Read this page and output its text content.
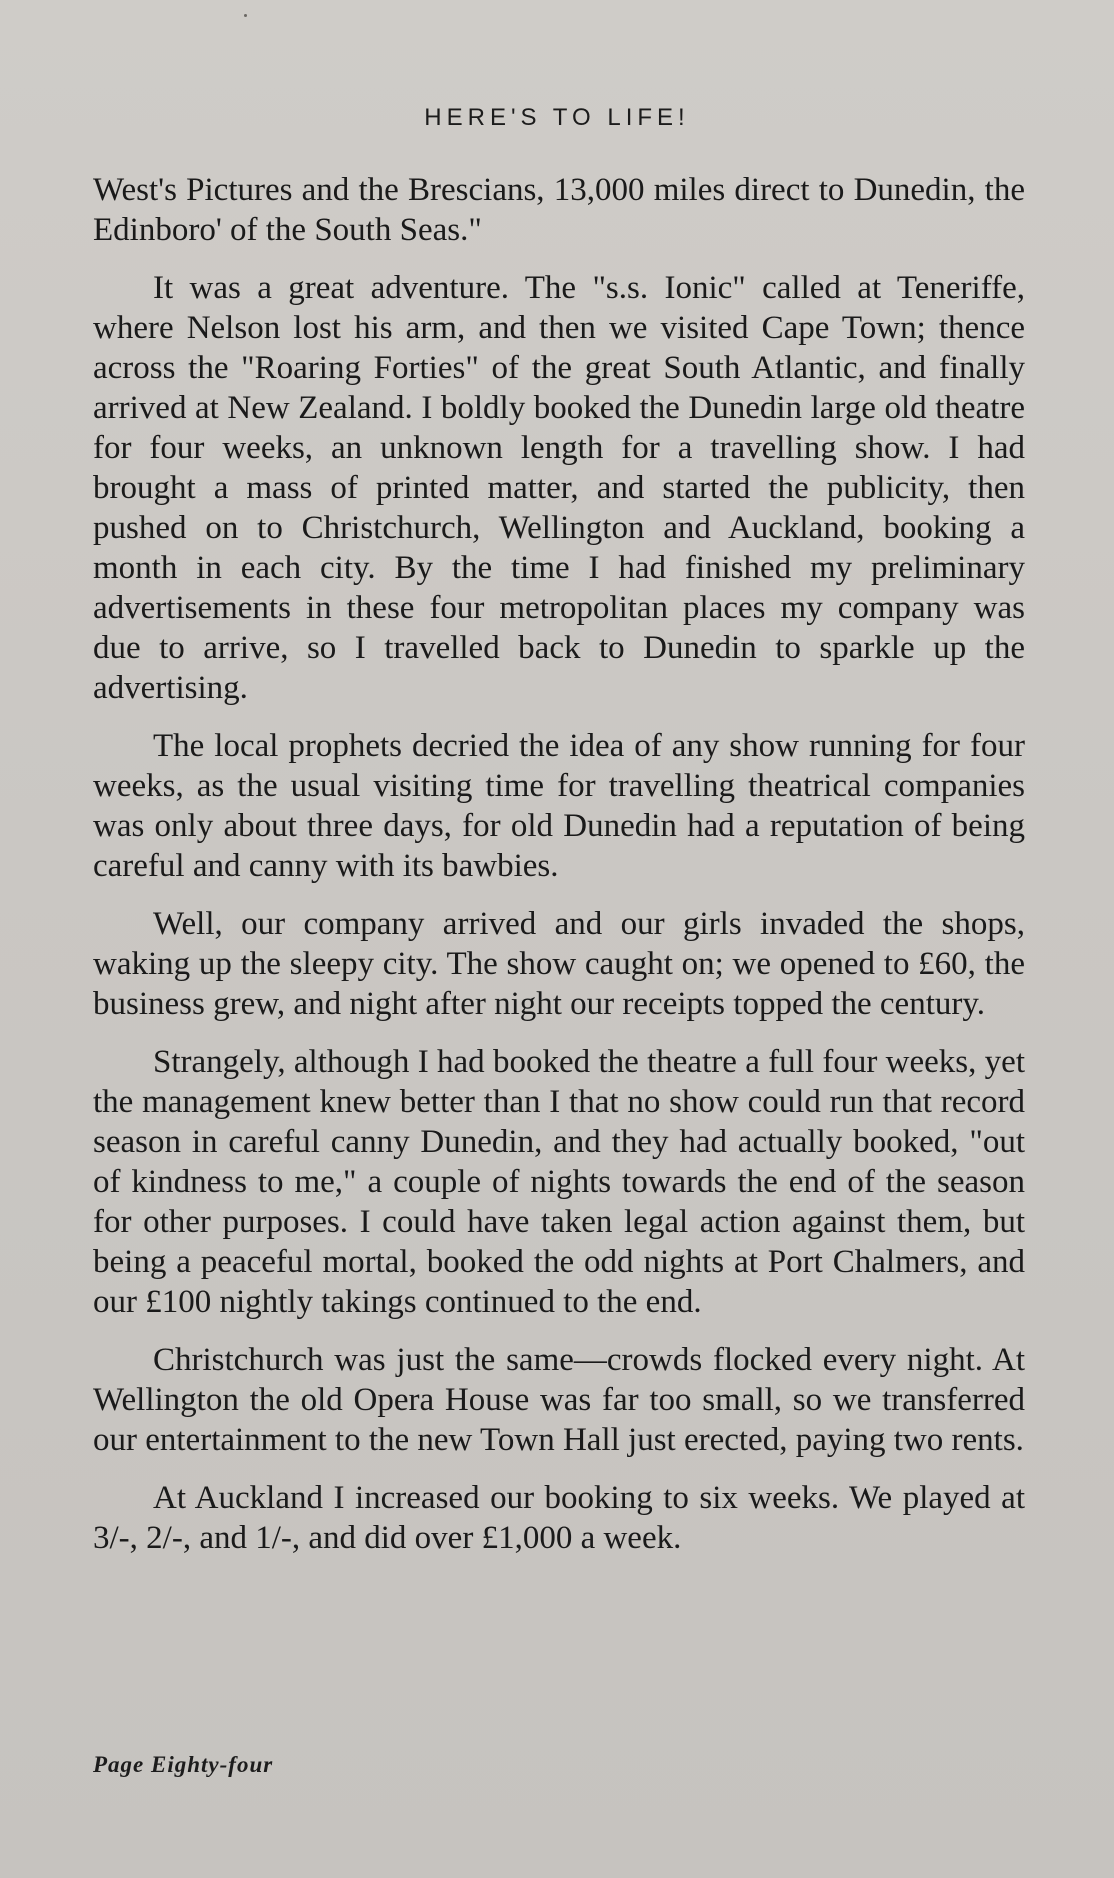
HERE'S TO LIFE!

West's Pictures and the Brescians, 13,000 miles direct to Dunedin, the Edinboro' of the South Seas."

It was a great adventure. The "s.s. Ionic" called at Teneriffe, where Nelson lost his arm, and then we visited Cape Town; thence across the "Roaring Forties" of the great South Atlantic, and finally arrived at New Zealand. I boldly booked the Dunedin large old theatre for four weeks, an unknown length for a travelling show. I had brought a mass of printed matter, and started the publicity, then pushed on to Christchurch, Wellington and Auckland, booking a month in each city. By the time I had finished my preliminary advertisements in these four metropolitan places my company was due to arrive, so I travelled back to Dunedin to sparkle up the advertising.

The local prophets decried the idea of any show running for four weeks, as the usual visiting time for travelling theatrical companies was only about three days, for old Dunedin had a reputation of being careful and canny with its bawbies.

Well, our company arrived and our girls invaded the shops, waking up the sleepy city. The show caught on; we opened to £60, the business grew, and night after night our receipts topped the century.

Strangely, although I had booked the theatre a full four weeks, yet the management knew better than I that no show could run that record season in careful canny Dunedin, and they had actually booked, "out of kindness to me," a couple of nights towards the end of the season for other purposes. I could have taken legal action against them, but being a peaceful mortal, booked the odd nights at Port Chalmers, and our £100 nightly takings continued to the end.

Christchurch was just the same—crowds flocked every night. At Wellington the old Opera House was far too small, so we transferred our entertainment to the new Town Hall just erected, paying two rents.

At Auckland I increased our booking to six weeks. We played at 3/-, 2/-, and 1/-, and did over £1,000 a week.

Page Eighty-four
